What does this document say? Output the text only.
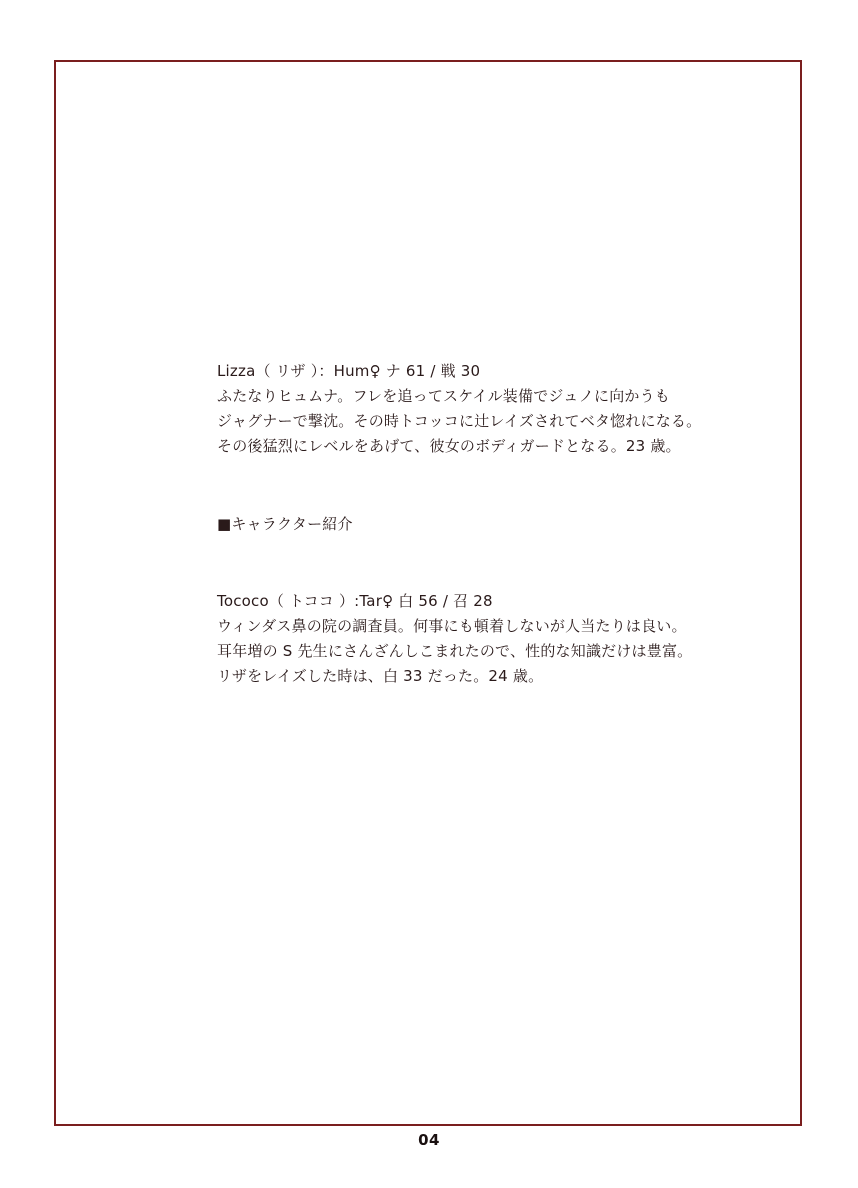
Lizza（ リザ ）：Hum♀ ナ 61 / 戦 30
ふたなりヒュムナ。フレを追ってスケイル装備でジュノに向かうも
ジャグナーで撃沈。その時トコッコに辻レイズされてベタ惚れになる。
その後猛烈にレベルをあげて、彼女のボディガードとなる。23 歳。
■キャラクター紹介
Tococo（ トココ ）:Tar♀ 白 56 / 召 28
ウィンダス鼻の院の調査員。何事にも頓着しないが人当たりは良い。
耳年増の S 先生にさんざんしこまれたので、性的な知識だけは豊富。
リザをレイズした時は、白 33 だった。24 歳。
04
